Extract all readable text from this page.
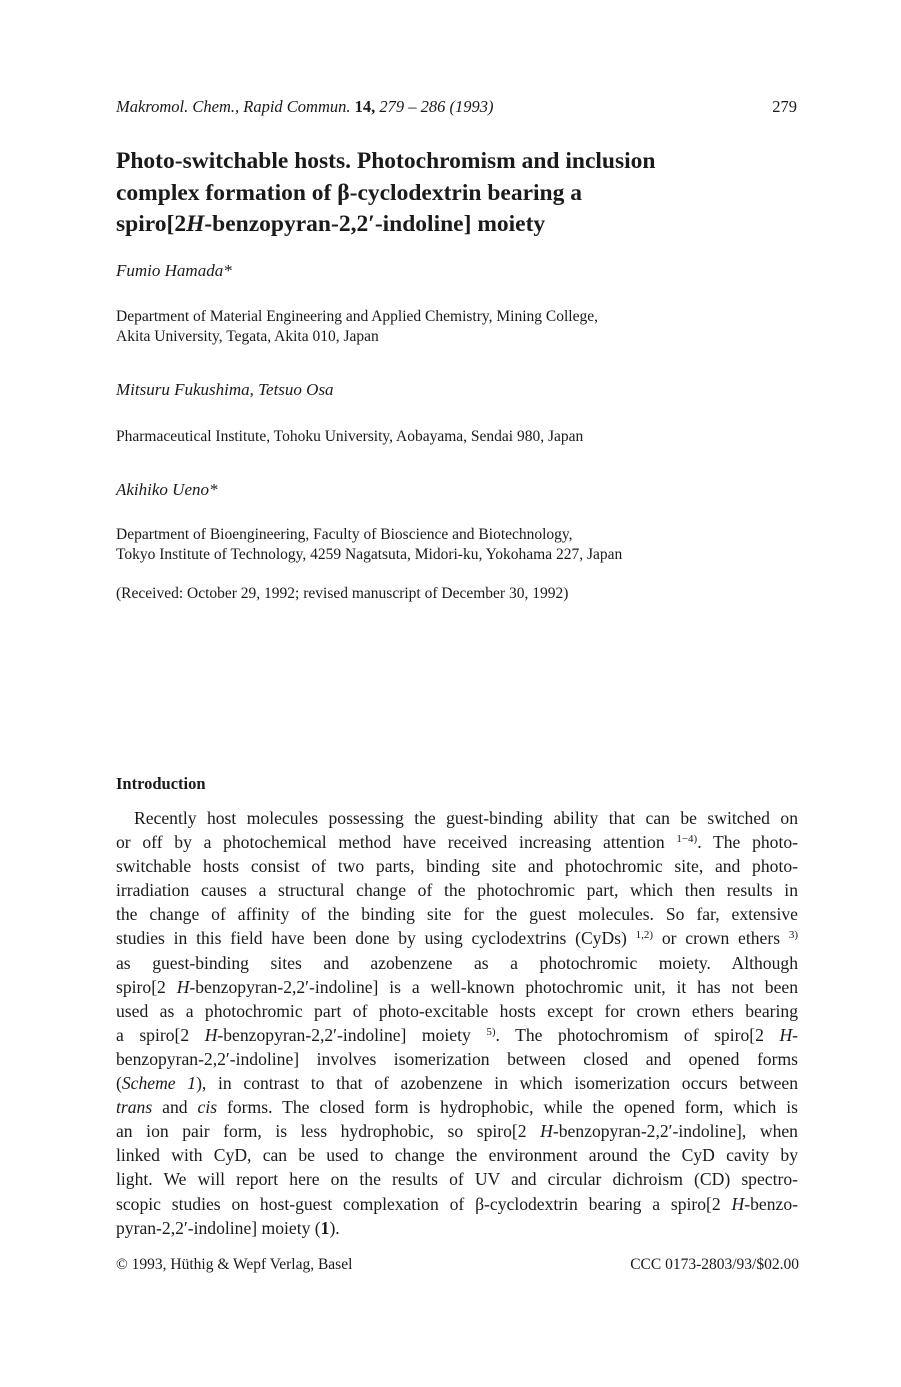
Makromol. Chem., Rapid Commun. 14, 279 – 286 (1993)	279
Photo-switchable hosts. Photochromism and inclusion
complex formation of β-cyclodextrin bearing a
spiro[2H-benzopyran-2,2′-indoline] moiety
Fumio Hamada*
Department of Material Engineering and Applied Chemistry, Mining College,
Akita University, Tegata, Akita 010, Japan
Mitsuru Fukushima, Tetsuo Osa
Pharmaceutical Institute, Tohoku University, Aobayama, Sendai 980, Japan
Akihiko Ueno*
Department of Bioengineering, Faculty of Bioscience and Biotechnology,
Tokyo Institute of Technology, 4259 Nagatsuta, Midori-ku, Yokohama 227, Japan
(Received: October 29, 1992; revised manuscript of December 30, 1992)
Introduction
Recently host molecules possessing the guest-binding ability that can be switched on
or off by a photochemical method have received increasing attention $^{1-4)}$. The photo-
switchable hosts consist of two parts, binding site and photochromic site, and photo-
irradiation causes a structural change of the photochromic part, which then results in
the change of affinity of the binding site for the guest molecules. So far, extensive
studies in this field have been done by using cyclodextrins (CyDs) $^{1,2)}$ or crown ethers $^{3)}$
as guest-binding sites and azobenzene as a photochromic moiety. Although
spiro[2 H-benzopyran-2,2′-indoline] is a well-known photochromic unit, it has not been
used as a photochromic part of photo-excitable hosts except for crown ethers bearing
a spiro[2 H-benzopyran-2,2′-indoline] moiety $^{5)}$. The photochromism of spiro[2 H-
benzopyran-2,2′-indoline] involves isomerization between closed and opened forms
(Scheme 1), in contrast to that of azobenzene in which isomerization occurs between
trans and cis forms. The closed form is hydrophobic, while the opened form, which is
an ion pair form, is less hydrophobic, so spiro[2 H-benzopyran-2,2′-indoline], when
linked with CyD, can be used to change the environment around the CyD cavity by
light. We will report here on the results of UV and circular dichroism (CD) spectro-
scopic studies on host-guest complexation of β-cyclodextrin bearing a spiro[2 H-benzo-
pyran-2,2′-indoline] moiety (1).
© 1993, Hüthig & Wepf Verlag, Basel	CCC 0173-2803/93/$02.00
